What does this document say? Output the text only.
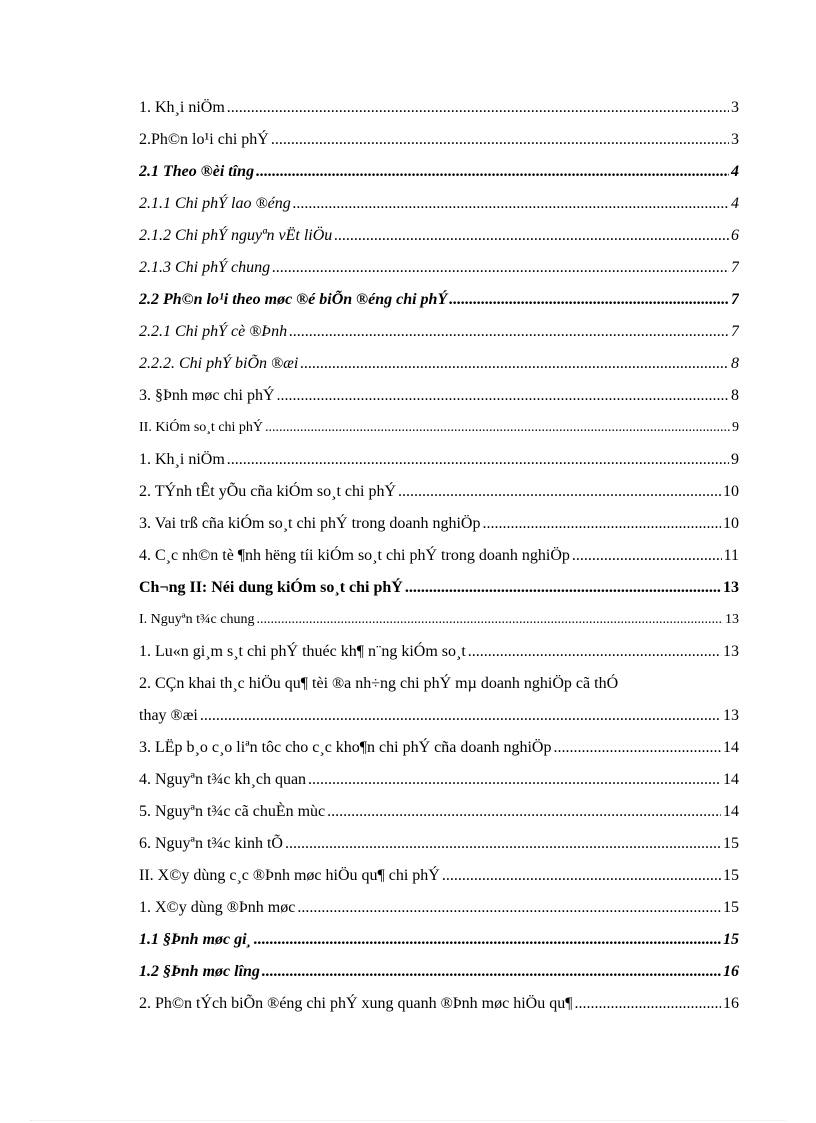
1. Kh¸i niÖm .....	3
2.Ph©n lo¹i chi phÝ .....	3
2.1 Theo ®èi tîng .....	4
2.1.1 Chi phÝ lao ®éng .....	4
2.1.2 Chi phÝ nguyªn vËt liÖu .....	6
2.1.3 Chi phÝ chung .....	7
2.2 Ph©n lo¹i theo møc ®é biÕn ®éng chi phÝ .....	7
2.2.1 Chi phÝ cè ®Þnh .....	7
2.2.2. Chi phÝ biÕn ®æi .....	8
3. §Þnh møc chi phÝ .....	8
II. KiÓm so¸t chi phÝ .....	9
1. Kh¸i niÖm .....	9
2. TÝnh tÊt yÕu cña kiÓm so¸t chi phÝ .....	10
3. Vai trß cña kiÓm so¸t chi phÝ trong doanh nghiÖp .....	10
4. C¸c nh©n tè ¶nh hëng tíi kiÓm so¸t chi phÝ trong doanh nghiÖp .....	11
Ch¬ng II: Néi dung kiÓm so¸t chi phÝ .....	13
I. Nguyªn t¾c chung .....	13
1. Lu«n gi¸m s¸t chi phÝ thuéc kh¶ n¨ng kiÓm so¸t .....	13
2. CÇn khai th¸c hiÖu qu¶ tèi ®a nh÷ng chi phÝ mµ doanh nghiÖp cã thÓ
thay ®æi .....	13
3. LËp b¸o c¸o liªn tôc cho c¸c kho¶n chi phÝ cña doanh nghiÖp .....	14
4. Nguyªn t¾c kh¸ch quan .....	14
5. Nguyªn t¾c cã chuÈn mùc .....	14
6. Nguyªn t¾c kinh tÕ .....	15
II. X©y dùng c¸c ®Þnh møc hiÖu qu¶ chi phÝ .....	15
1. X©y dùng ®Þnh møc .....	15
1.1 §Þnh møc gi¸ .....	15
1.2 §Þnh møc lîng .....	16
2. Ph©n tÝch biÕn ®éng chi phÝ xung quanh ®Þnh møc hiÖu qu¶ .....	16
